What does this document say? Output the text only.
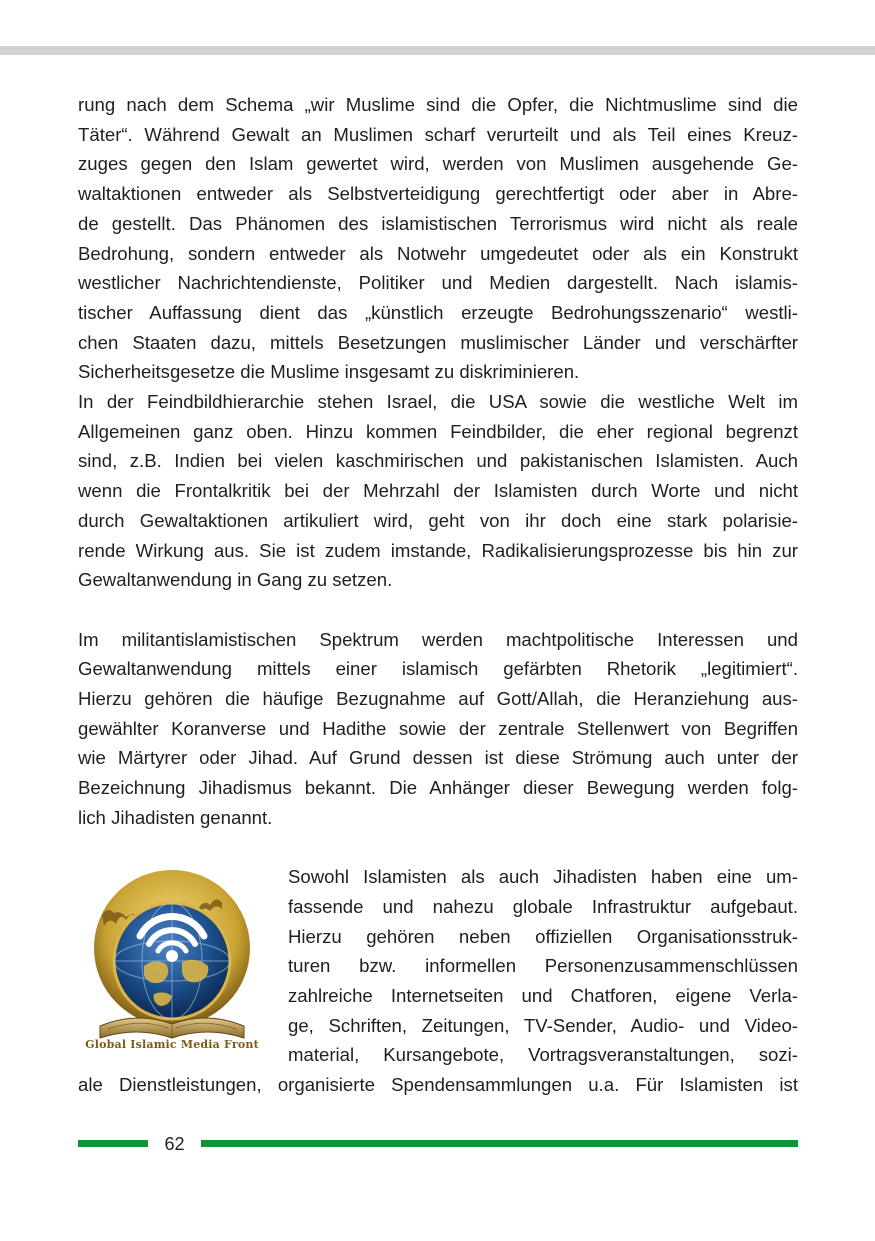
rung nach dem Schema „wir Muslime sind die Opfer, die Nichtmuslime sind die
Täter“. Während Gewalt an Muslimen scharf verurteilt und als Teil eines Kreuz-
zuges gegen den Islam gewertet wird, werden von Muslimen ausgehende Ge-
waltaktionen entweder als Selbstverteidigung gerechtfertigt oder aber in Abre-
de gestellt. Das Phänomen des islamistischen Terrorismus wird nicht als reale
Bedrohung, sondern entweder als Notwehr umgedeutet oder als ein Konstrukt
westlicher Nachrichtendienste, Politiker und Medien dargestellt. Nach islamis-
tischer Auffassung dient das „künstlich erzeugte Bedrohungsszenario“ westli-
chen Staaten dazu, mittels Besetzungen muslimischer Länder und verschärfter
Sicherheitsgesetze die Muslime insgesamt zu diskriminieren.
In der Feindbildhierarchie stehen Israel, die USA sowie die westliche Welt im
Allgemeinen ganz oben. Hinzu kommen Feindbilder, die eher regional begrenzt
sind, z.B. Indien bei vielen kaschmirischen und pakistanischen Islamisten. Auch
wenn die Frontalkritik bei der Mehrzahl der Islamisten durch Worte und nicht
durch Gewaltaktionen artikuliert wird, geht von ihr doch eine stark polarisie-
rende Wirkung aus. Sie ist zudem imstande, Radikalisierungsprozesse bis hin zur
Gewaltanwendung in Gang zu setzen.
Im militantislamistischen Spektrum werden machtpolitische Interessen und
Gewaltanwendung mittels einer islamisch gefärbten Rhetorik „legitimiert“.
Hierzu gehören die häufige Bezugnahme auf Gott/Allah, die Heranziehung aus-
gewählter Koranverse und Hadithe sowie der zentrale Stellenwert von Begriffen
wie Märtyrer oder Jihad. Auf Grund dessen ist diese Strömung auch unter der
Bezeichnung Jihadismus bekannt. Die Anhänger dieser Bewegung werden folg-
lich Jihadisten genannt.
Sowohl Islamisten als auch Jihadisten haben eine um-
fassende und nahezu globale Infrastruktur aufgebaut.
Hierzu gehören neben offiziellen Organisationsstruk-
turen bzw. informellen Personenzusammenschlüssen
zahlreiche Internetseiten und Chatforen, eigene Verla-
ge, Schriften, Zeitungen, TV-Sender, Audio- und Video-
material, Kursangebote, Vortragsveranstaltungen, sozi-
ale Dienstleistungen, organisierte Spendensammlungen u.a. Für Islamisten ist
Global Islamic Media Front
62
